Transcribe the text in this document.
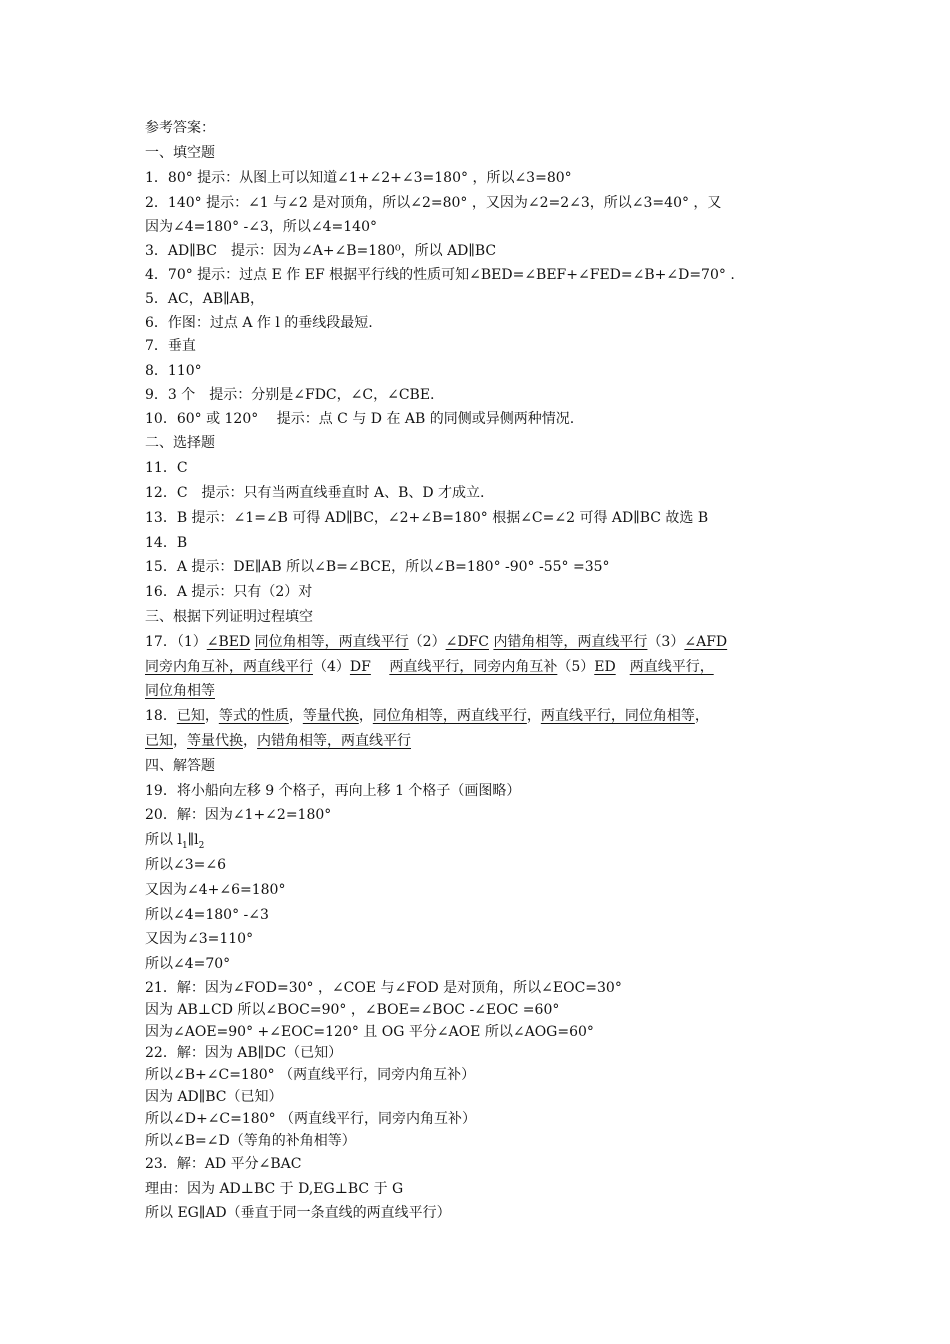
参考答案：
一、填空题
1．80° 提示：从图上可以知道∠1+∠2+∠3=180° ，所以∠3=80°
2．140° 提示：∠1 与∠2 是对顶角，所以∠2=80° ，又因为∠2=2∠3，所以∠3=40° ，又
因为∠4=180° -∠3，所以∠4=140°
3．AD∥BC　提示：因为∠A+∠B=180⁰，所以 AD∥BC
4．70° 提示：过点 E 作 EF 根据平行线的性质可知∠BED=∠BEF+∠FED=∠B+∠D=70° .
5．AC，AB∥AB，
6．作图：过点 A 作 l 的垂线段最短.
7．垂直
8．110°
9．3 个　提示：分别是∠FDC，∠C，∠CBE.
10．60° 或 120°　 提示：点 C 与 D 在 AB 的同侧或异侧两种情况.
二、选择题
11．C
12．C　提示：只有当两直线垂直时 A、B、D 才成立.
13．B 提示：∠1=∠B 可得 AD∥BC，∠2+∠B=180° 根据∠C=∠2 可得 AD∥BC 故选 B
14．B
15．A 提示：DE∥AB 所以∠B=∠BCE，所以∠B=180° -90° -55° =35°
16．A 提示：只有（2）对
三、根据下列证明过程填空
17．（1）∠BED 同位角相等，两直线平行（2）∠DFC 内错角相等，两直线平行（3）∠AFD
同旁内角互补，两直线平行（4）DF　 两直线平行，同旁内角互补（5）ED　 两直线平行，
同位角相等
18．已知，等式的性质，等量代换，同位角相等，两直线平行，两直线平行，同位角相等，
已知，等量代换，内错角相等，两直线平行
四、解答题
19．将小船向左移 9 个格子，再向上移 1 个格子（画图略）
20．解：因为∠1+∠2=180°
所以 $l_1\parallel l_2$
所以∠3=∠6
又因为∠4+∠6=180°
所以∠4=180° -∠3
又因为∠3=110°
所以∠4=70°
21．解：因为∠FOD=30° ，∠COE 与∠FOD 是对顶角，所以∠EOC=30°
因为 AB⊥CD 所以∠BOC=90° ，∠BOE=∠BOC -∠EOC =60°
因为∠AOE=90° +∠EOC=120° 且 OG 平分∠AOE 所以∠AOG=60°
22．解：因为 AB∥DC（已知）
所以∠B+∠C=180° （两直线平行，同旁内角互补）
因为 AD∥BC（已知）
所以∠D+∠C=180° （两直线平行，同旁内角互补）
所以∠B=∠D（等角的补角相等）
23．解：AD 平分∠BAC
理由：因为 AD⊥BC 于 D,EG⊥BC 于 G
所以 EG∥AD（垂直于同一条直线的两直线平行）
